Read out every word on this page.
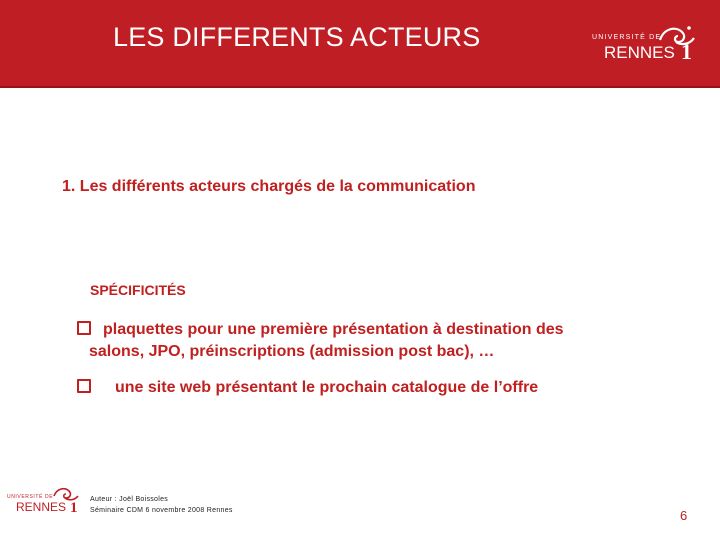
LES DIFFERENTS ACTEURS	UNIVERSITÉ DE
RENNES 1
1. Les différents acteurs chargés de la communication
SPÉCIFICITÉS
plaquettes pour une première présentation à destination des
salons, JPO, préinscriptions (admission post bac), …
une site web présentant le prochain catalogue de l’offre
UNIVERSITÉ DE
RENNES 1
Auteur : Joël Boissoles
Séminaire CDM 6 novembre 2008 Rennes	6
